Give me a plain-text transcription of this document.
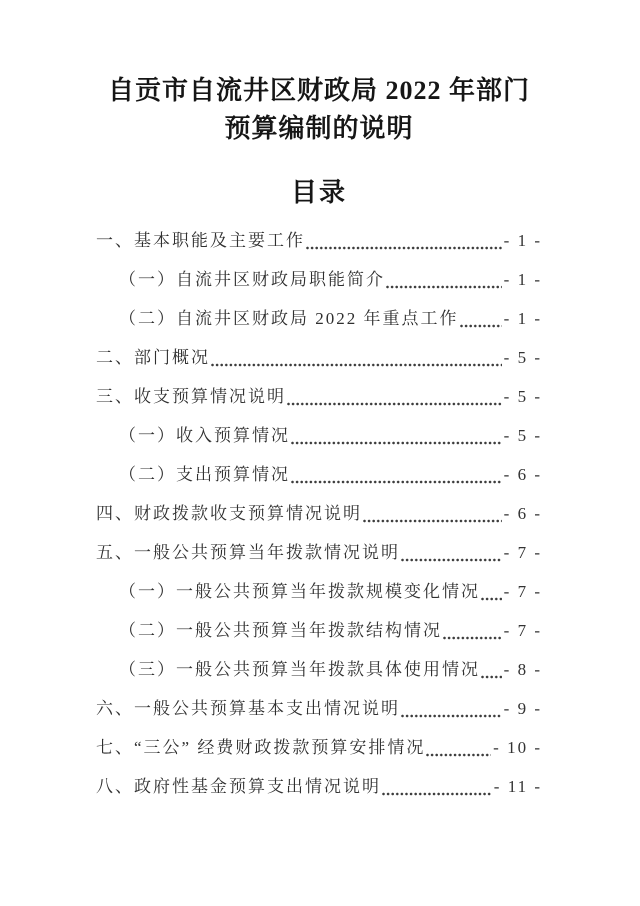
自贡市自流井区财政局 2022 年部门预算编制的说明
目录
一、基本职能及主要工作	- 1 -
（一）自流井区财政局职能简介	- 1 -
（二）自流井区财政局 2022 年重点工作	- 1 -
二、部门概况	- 5 -
三、收支预算情况说明	- 5 -
（一）收入预算情况	- 5 -
（二）支出预算情况	- 6 -
四、财政拨款收支预算情况说明	- 6 -
五、一般公共预算当年拨款情况说明	- 7 -
（一）一般公共预算当年拨款规模变化情况 - 7 -
（二）一般公共预算当年拨款结构情况	- 7 -
（三）一般公共预算当年拨款具体使用情况 - 8 -
六、一般公共预算基本支出情况说明	- 9 -
七、“三公” 经费财政拨款预算安排情况	- 10 -
八、政府性基金预算支出情况说明	- 11 -
